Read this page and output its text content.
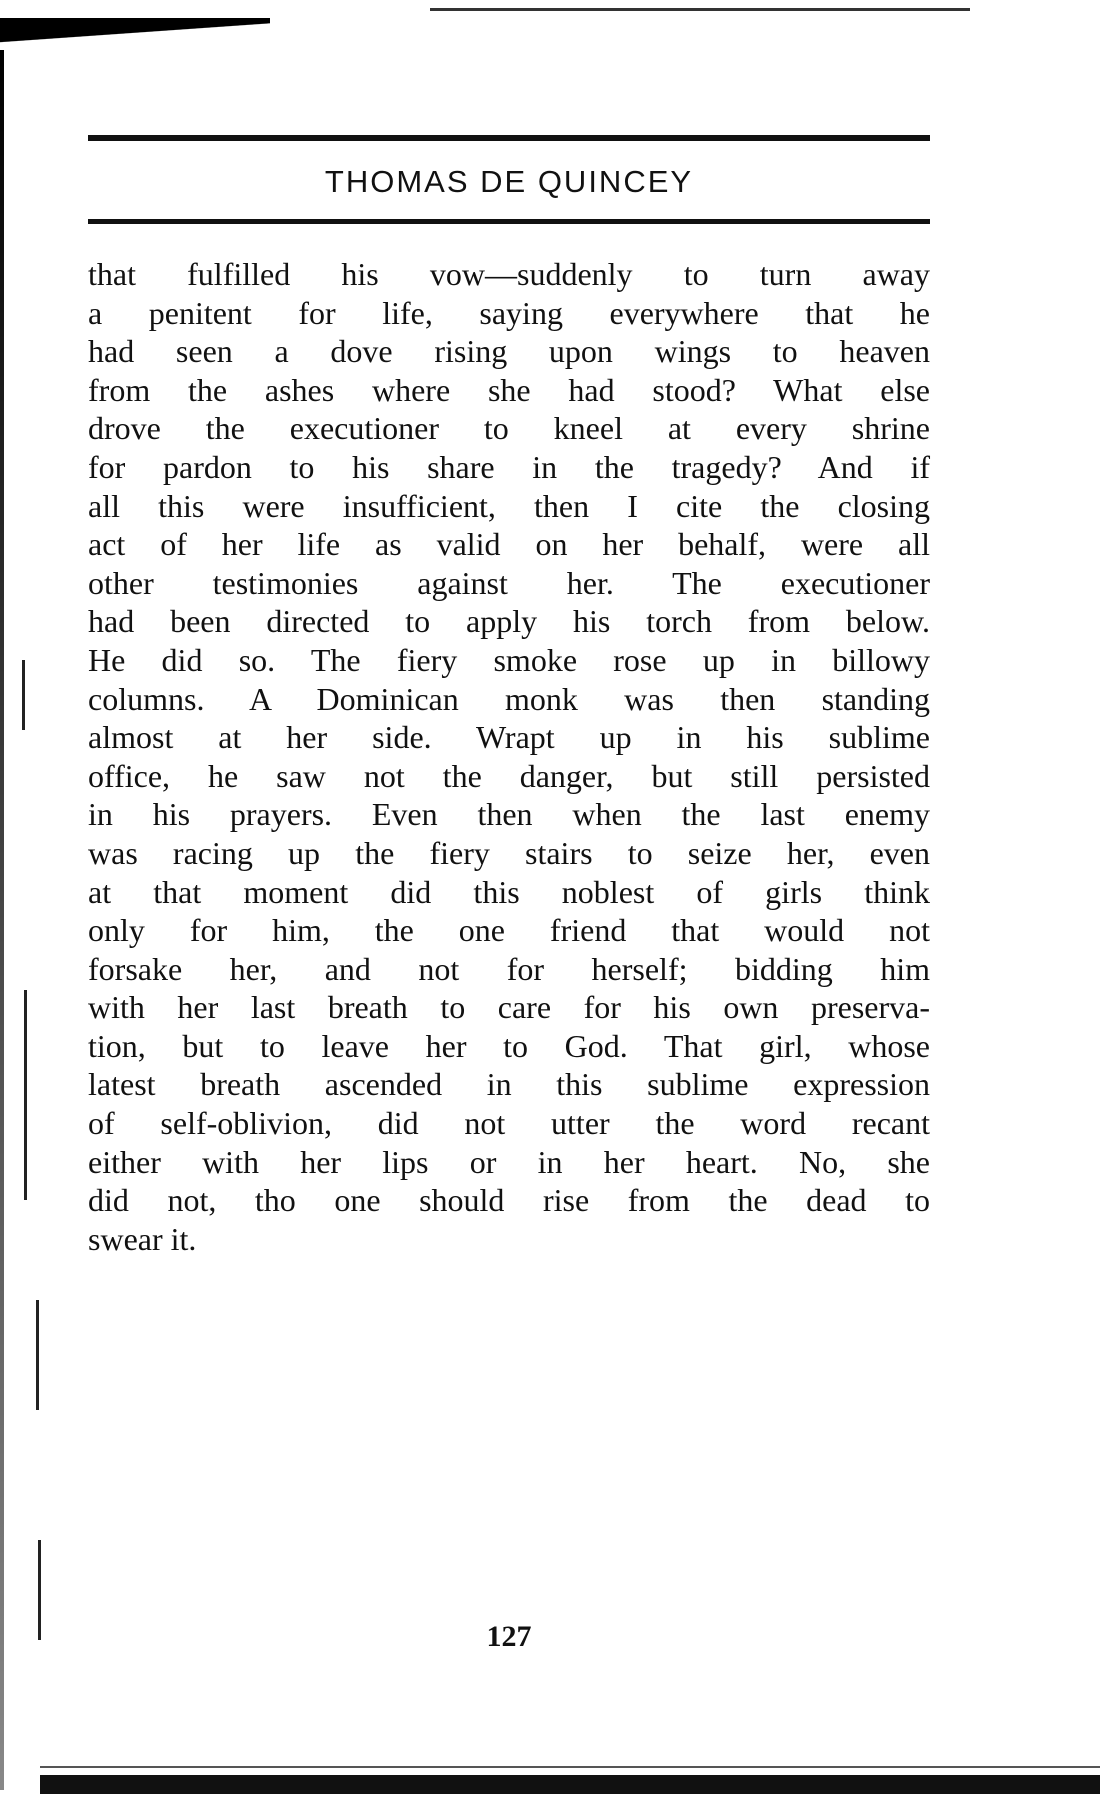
THOMAS DE QUINCEY
that fulfilled his vow—suddenly to turn away
a penitent for life, saying everywhere that he
had seen a dove rising upon wings to heaven
from the ashes where she had stood? What else
drove the executioner to kneel at every shrine
for pardon to his share in the tragedy? And if
all this were insufficient, then I cite the closing
act of her life as valid on her behalf, were all
other testimonies against her. The executioner
had been directed to apply his torch from below.
He did so. The fiery smoke rose up in billowy
columns. A Dominican monk was then standing
almost at her side. Wrapt up in his sublime
office, he saw not the danger, but still persisted
in his prayers. Even then when the last enemy
was racing up the fiery stairs to seize her, even
at that moment did this noblest of girls think
only for him, the one friend that would not
forsake her, and not for herself; bidding him
with her last breath to care for his own preserva-
tion, but to leave her to God. That girl, whose
latest breath ascended in this sublime expression
of self-oblivion, did not utter the word recant
either with her lips or in her heart. No, she
did not, tho one should rise from the dead to
swear it.
127
